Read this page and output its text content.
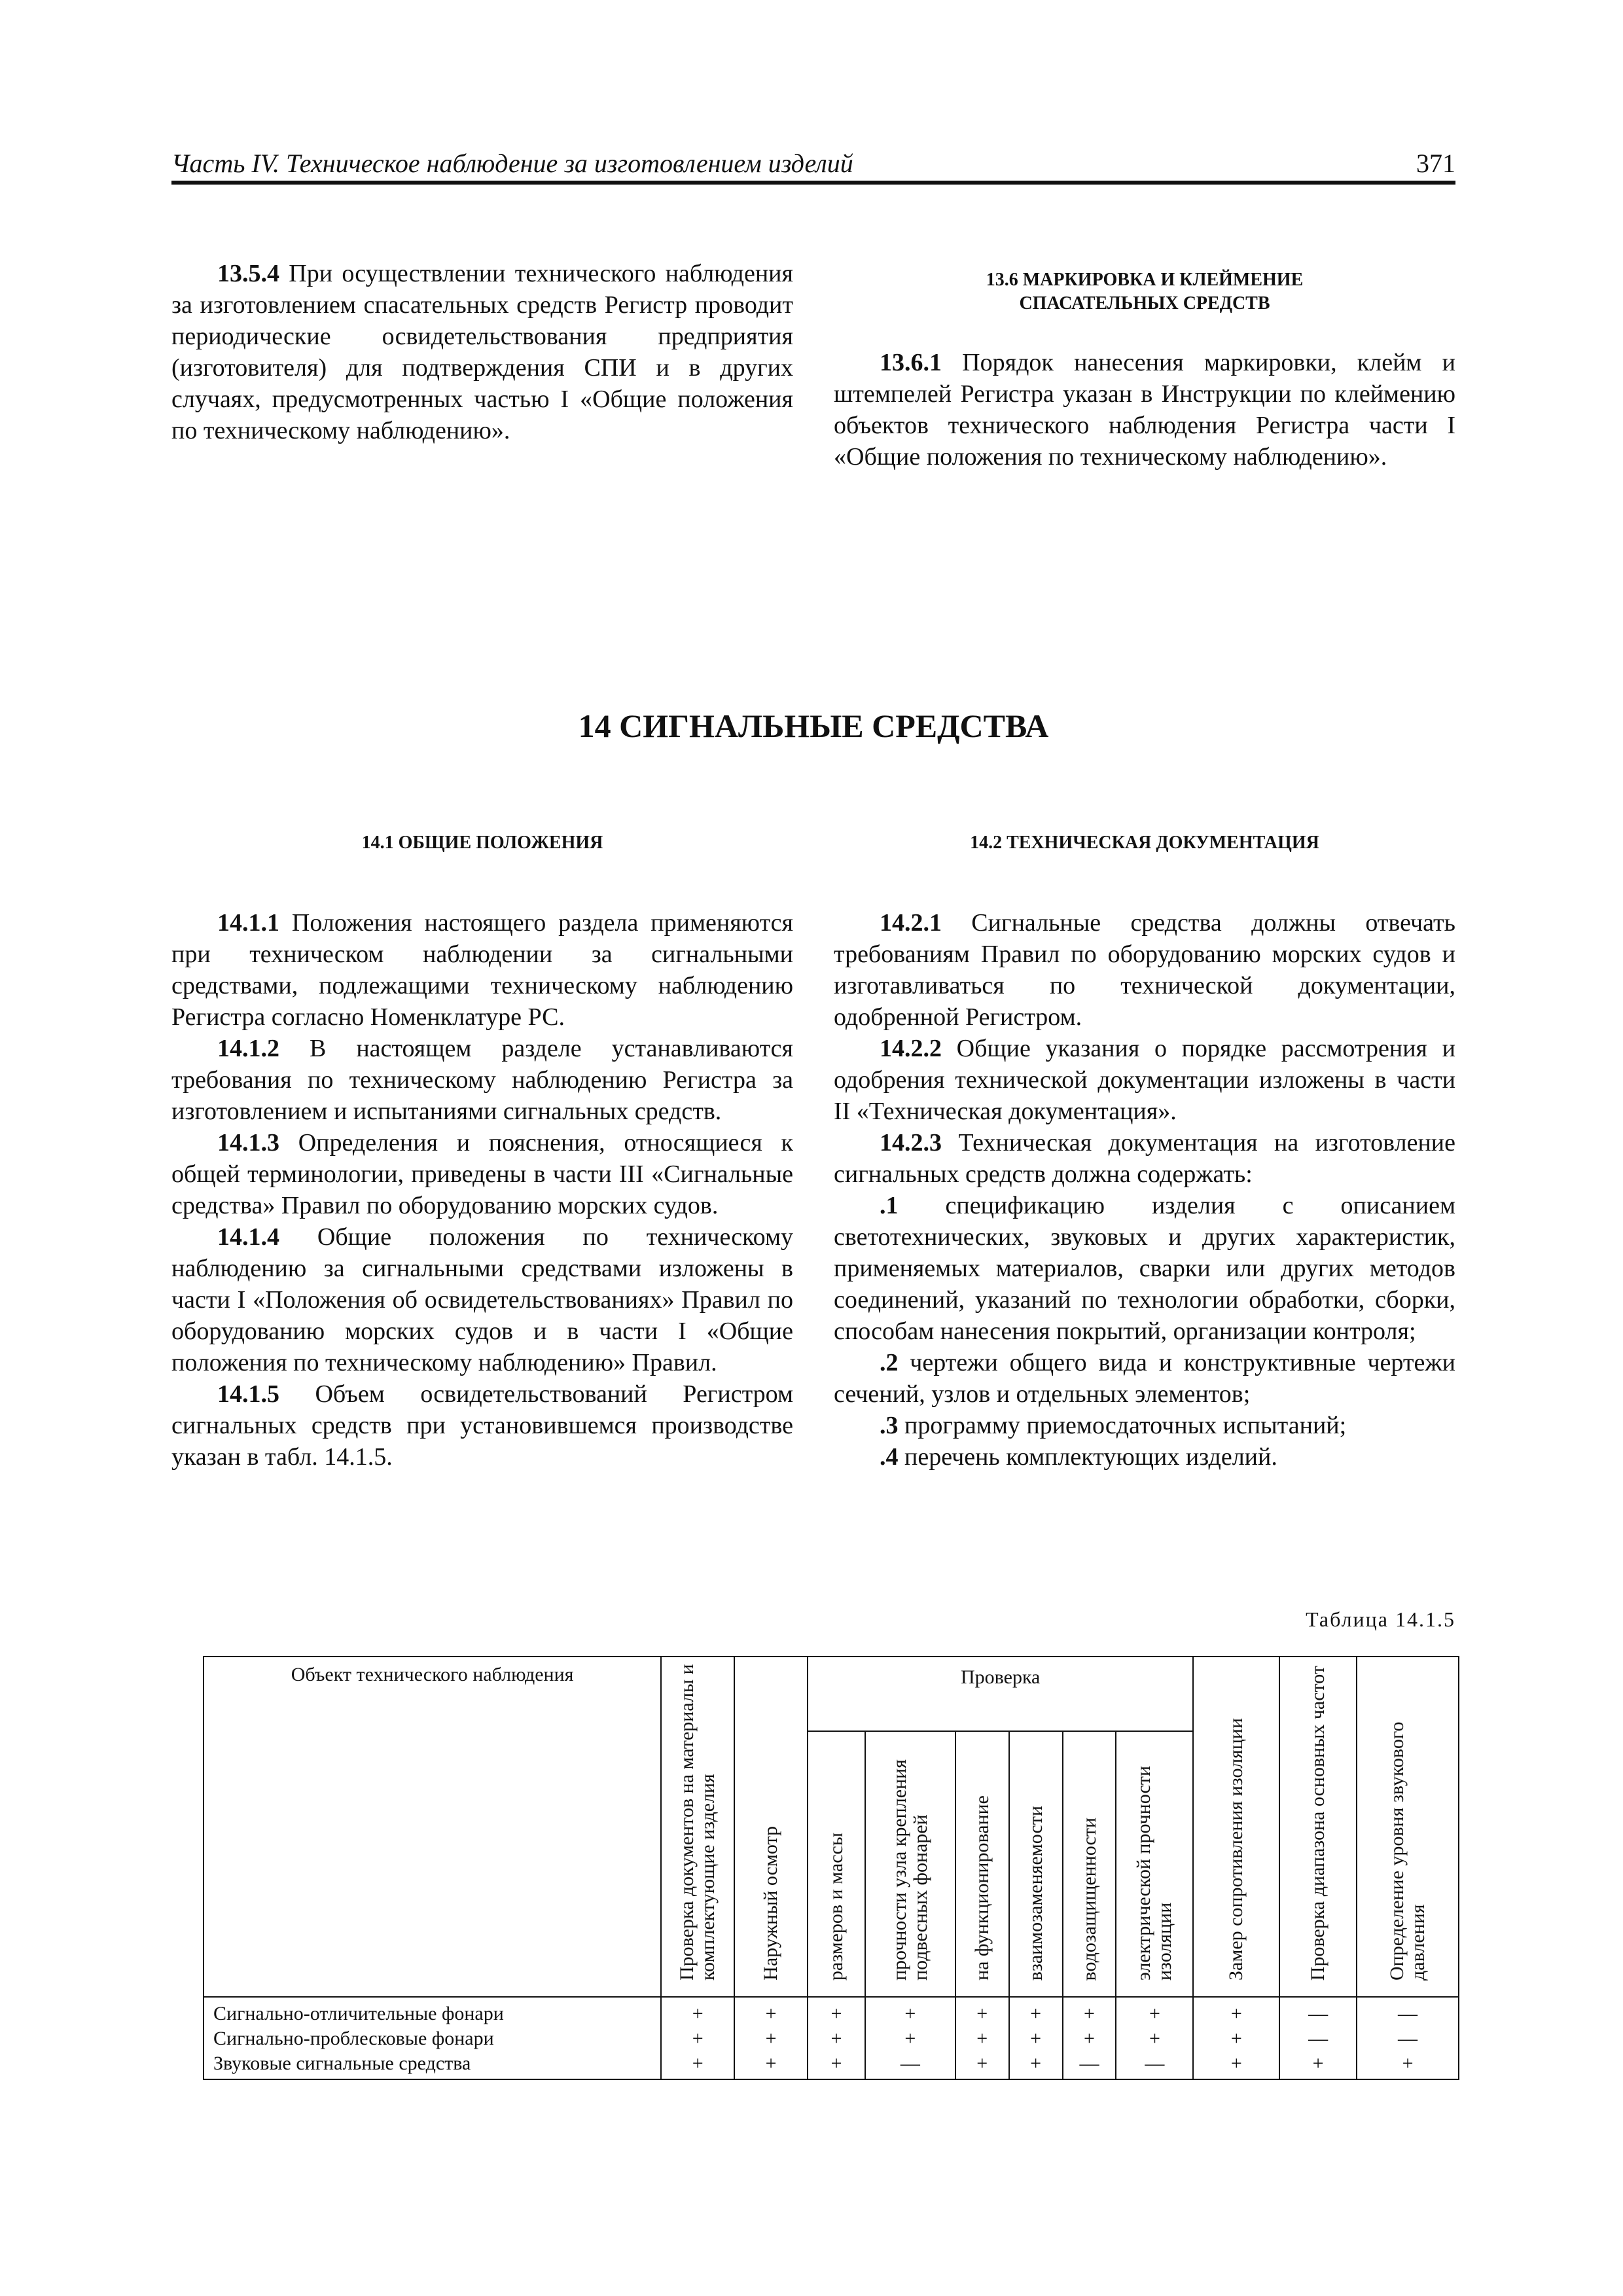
Часть IV. Техническое наблюдение за изготовлением изделий	371

13.5.4 При осуществлении технического наблюдения за изготовлением спасательных средств Регистр проводит периодические освидетельствования предприятия (изготовителя) для подтверждения СПИ и в других случаях, предусмотренных частью I «Общие положения по техническому наблюдению».

13.6 МАРКИРОВКА И КЛЕЙМЕНИЕ
СПАСАТЕЛЬНЫХ СРЕДСТВ

13.6.1 Порядок нанесения маркировки, клейм и штемпелей Регистра указан в Инструкции по клеймению объектов технического наблюдения Регистра части I «Общие положения по техническому наблюдению».

14 СИГНАЛЬНЫЕ СРЕДСТВА

14.1 ОБЩИЕ ПОЛОЖЕНИЯ

14.1.1 Положения настоящего раздела применяются при техническом наблюдении за сигнальными средствами, подлежащими техническому наблюдению Регистра согласно Номенклатуре РС.

14.1.2 В настоящем разделе устанавливаются требования по техническому наблюдению Регистра за изготовлением и испытаниями сигнальных средств.

14.1.3 Определения и пояснения, относящиеся к общей терминологии, приведены в части III «Сигнальные средства» Правил по оборудованию морских судов.

14.1.4 Общие положения по техническому наблюдению за сигнальными средствами изложены в части I «Положения об освидетельствованиях» Правил по оборудованию морских судов и в части I «Общие положения по техническому наблюдению» Правил.

14.1.5 Объем освидетельствований Регистром сигнальных средств при установившемся производстве указан в табл. 14.1.5.

14.2 ТЕХНИЧЕСКАЯ ДОКУМЕНТАЦИЯ

14.2.1 Сигнальные средства должны отвечать требованиям Правил по оборудованию морских судов и изготавливаться по технической документации, одобренной Регистром.

14.2.2 Общие указания о порядке рассмотрения и одобрения технической документации изложены в части II «Техническая документация».

14.2.3 Техническая документация на изготовление сигнальных средств должна содержать:

.1 спецификацию изделия с описанием светотехнических, звуковых и других характеристик, применяемых материалов, сварки или других методов соединений, указаний по технологии обработки, сборки, способам нанесения покрытий, организации контроля;

.2 чертежи общего вида и конструктивные чертежи сечений, узлов и отдельных элементов;

.3 программу приемосдаточных испытаний;

.4 перечень комплектующих изделий.

Таблица 14.1.5
Объект технического наблюдения	Проверка документов на материалы и комплектующие изделия	Наружный осмотр	Проверка						Замер сопротивления изоляции	Проверка диапазона основных частот	Определение уровня звукового давления
			размеров и массы	прочности узла крепления подвесных фонарей	на функционирование	взаимозаменяемости	водозащищенности	электрической прочности изоляции			
Сигнально-отличительные фонари	+	+	+	+	+	+	+	+	+	—	—
Сигнально-проблесковые фонари	+	+	+	+	+	+	+	+	+	—	—
Звуковые сигнальные средства	+	+	+	—	+	+	—	—	+	+	+
